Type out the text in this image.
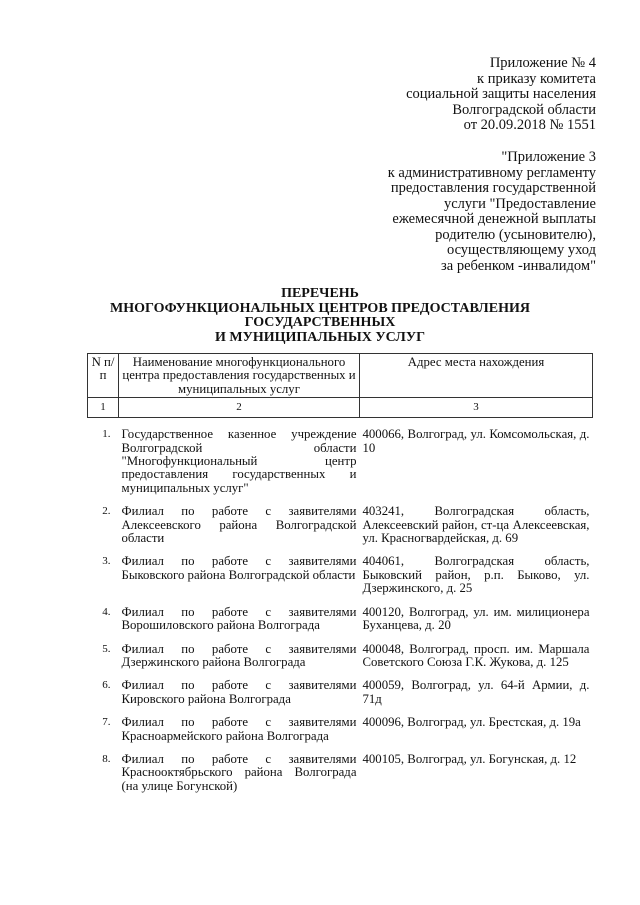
Приложение № 4
к приказу комитета
социальной защиты населения
Волгоградской области
от 20.09.2018 № 1551
"Приложение 3
к административному регламенту
предоставления государственной
услуги "Предоставление
ежемесячной денежной выплаты
родителю (усыновителю),
осуществляющему уход
за ребенком -инвалидом"
ПЕРЕЧЕНЬ
МНОГОФУНКЦИОНАЛЬНЫХ ЦЕНТРОВ ПРЕДОСТАВЛЕНИЯ
ГОСУДАРСТВЕННЫХ
И МУНИЦИПАЛЬНЫХ УСЛУГ
N п/п	Наименование многофункционального центра предоставления государственных и муниципальных услуг	Адрес места нахождения
1	2	3
1.	Государственное казенное учреждение Волгоградской области "Многофункциональный центр предоставления государственных и муниципальных услуг"	400066, Волгоград, ул. Комсомольская, д. 10

2.	Филиал по работе с заявителями Алексеевского района Волгоградской области	403241, Волгоградская область, Алексеевский район, ст-ца Алексеевская, ул. Красногвардейская, д. 69

3.	Филиал по работе с заявителями Быковского района Волгоградской области	404061, Волгоградская область, Быковский район, р.п. Быково, ул. Дзержинского, д. 25

4.	Филиал по работе с заявителями Ворошиловского района Волгограда	400120, Волгоград, ул. им. милиционера Буханцева, д. 20

5.	Филиал по работе с заявителями Дзержинского района Волгограда	400048, Волгоград, просп. им. Маршала Советского Союза Г.К. Жукова, д. 125

6.	Филиал по работе с заявителями Кировского района Волгограда	400059, Волгоград, ул. 64-й Армии, д. 71д

7.	Филиал по работе с заявителями Красноармейского района Волгограда	400096, Волгоград, ул. Брестская, д. 19а

8.	Филиал по работе с заявителями Краснооктябрьского района Волгограда (на улице Богунской)	400105, Волгоград, ул. Богунская, д. 12
